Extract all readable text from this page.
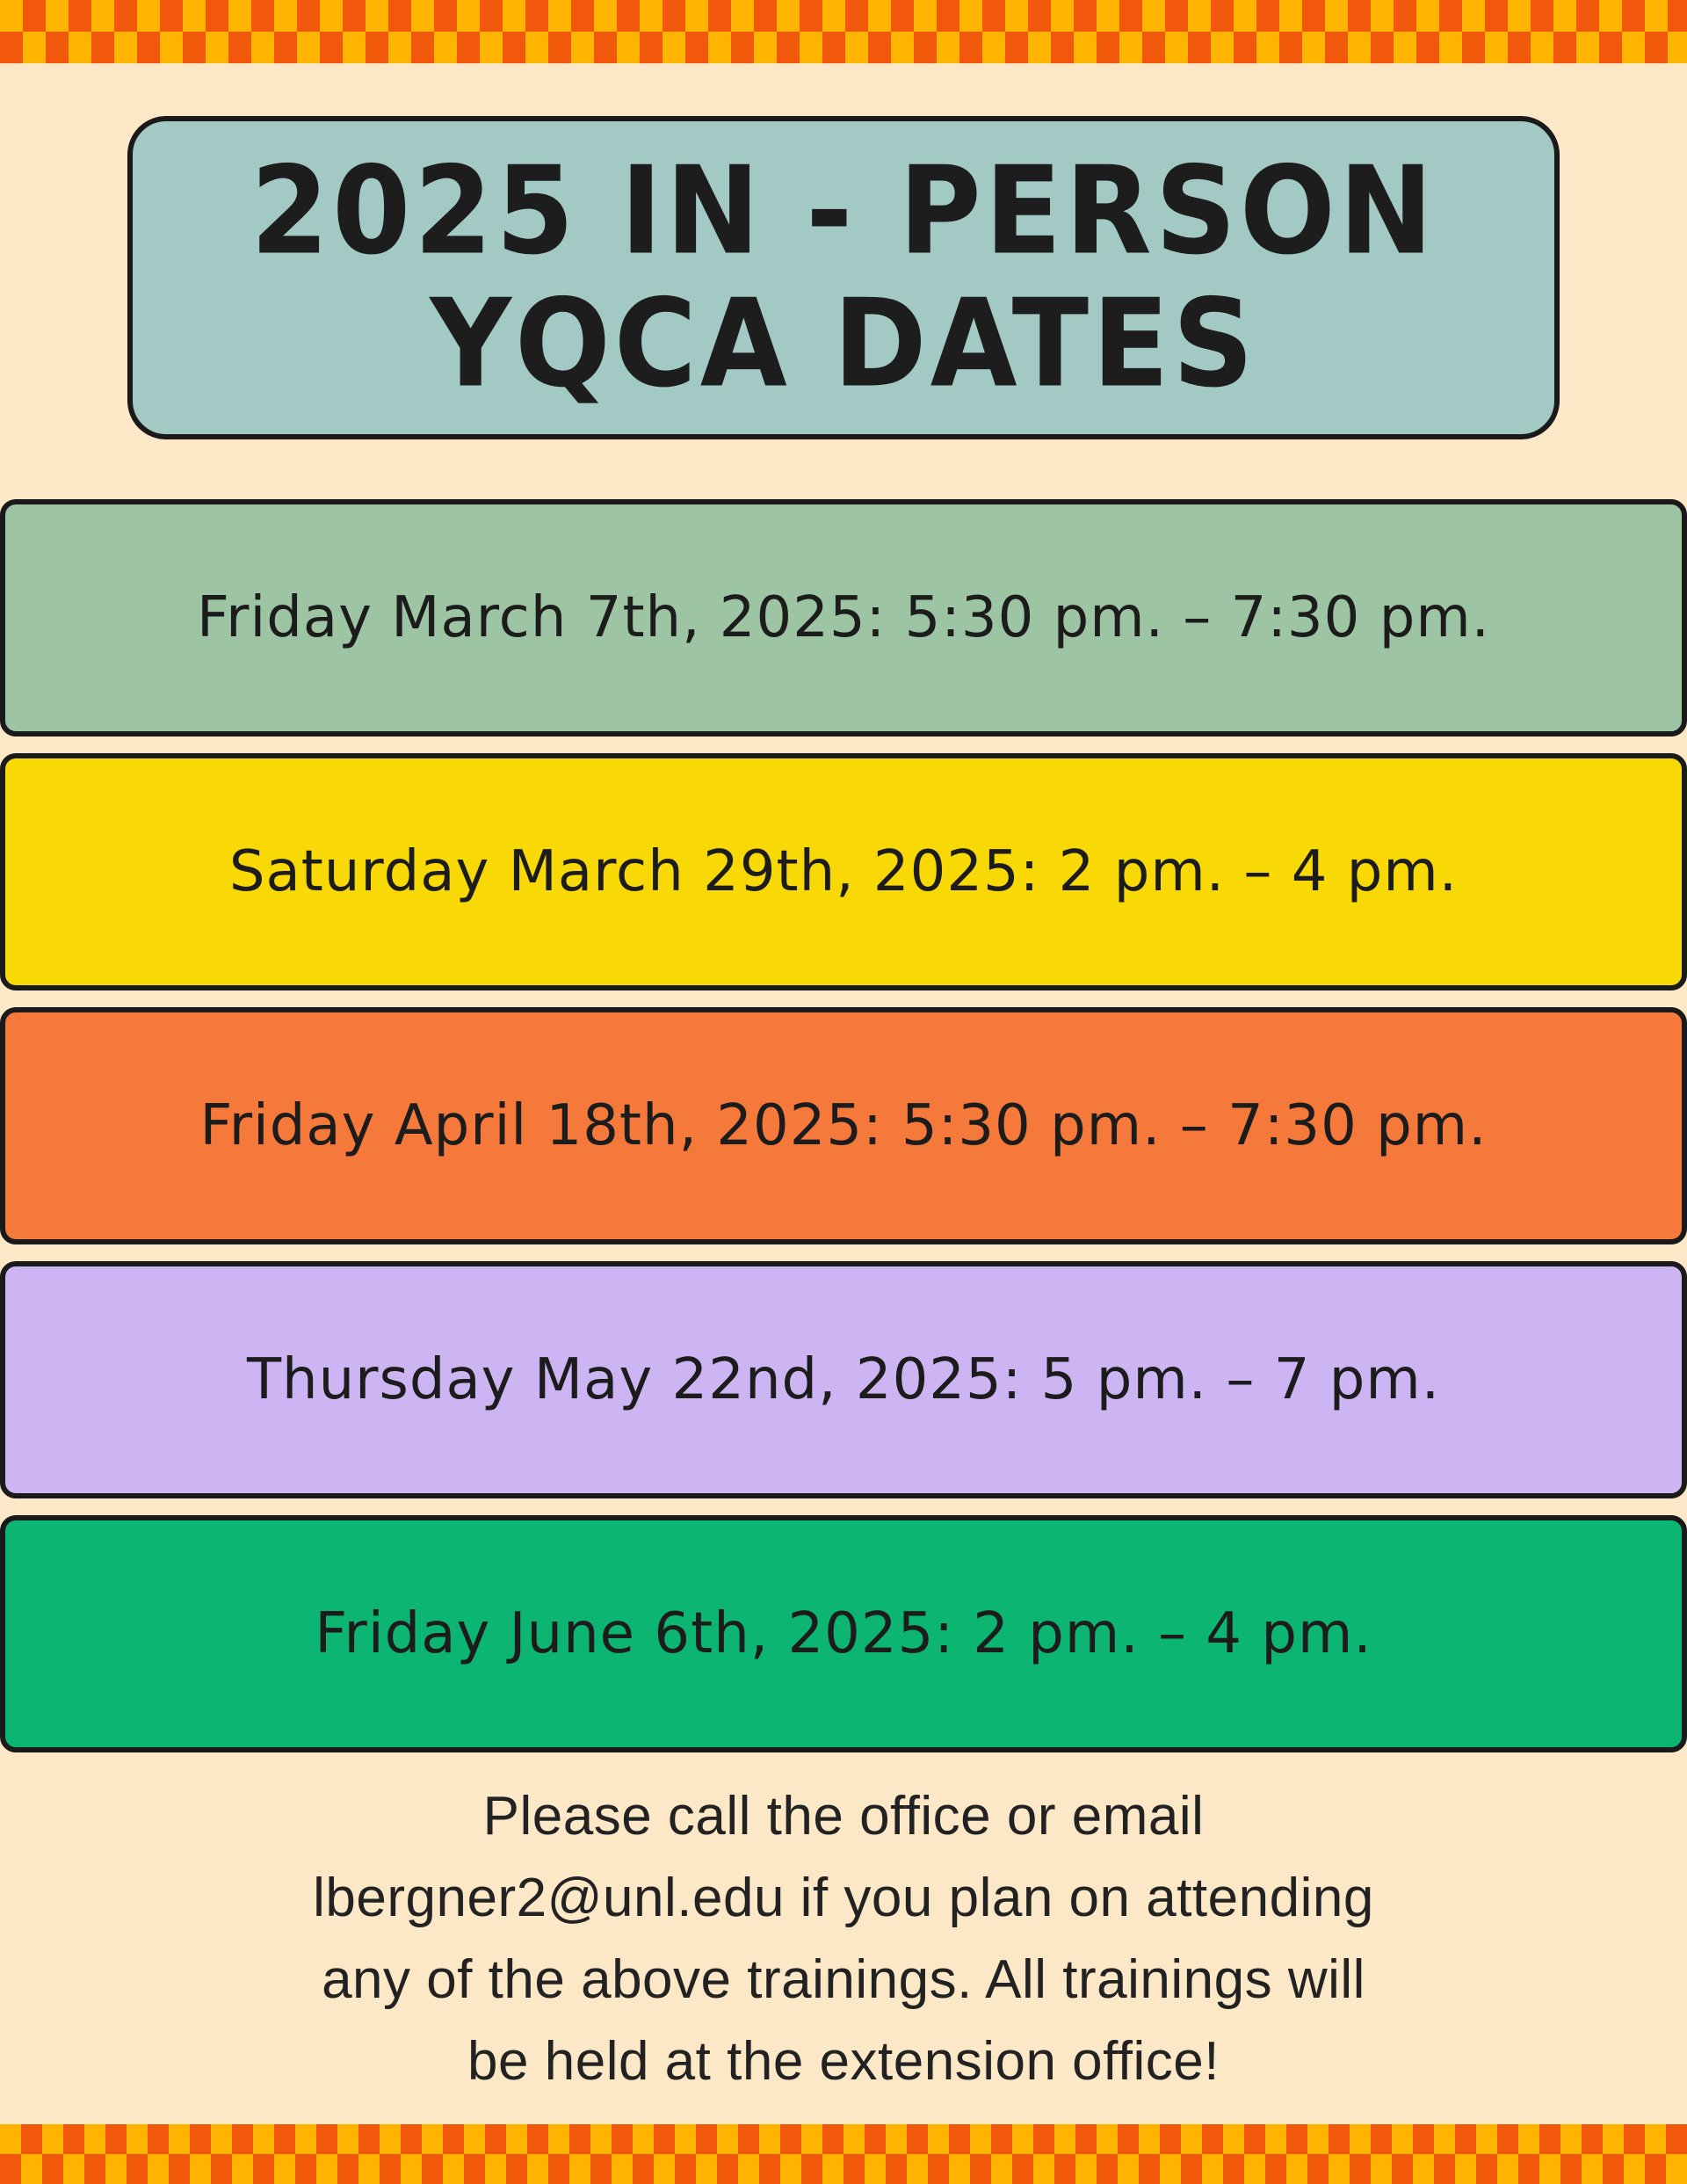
2025 IN - PERSON
YQCA DATES
Friday March 7th, 2025: 5:30 pm. – 7:30 pm.
Saturday March 29th, 2025: 2 pm. – 4 pm.
Friday April 18th, 2025: 5:30 pm. – 7:30 pm.
Thursday May 22nd, 2025: 5 pm. – 7 pm.
Friday June 6th, 2025: 2 pm. – 4 pm.
Please call the office or email
lbergner2@unl.edu if you plan on attending
any of the above trainings. All trainings will
be held at the extension office!
